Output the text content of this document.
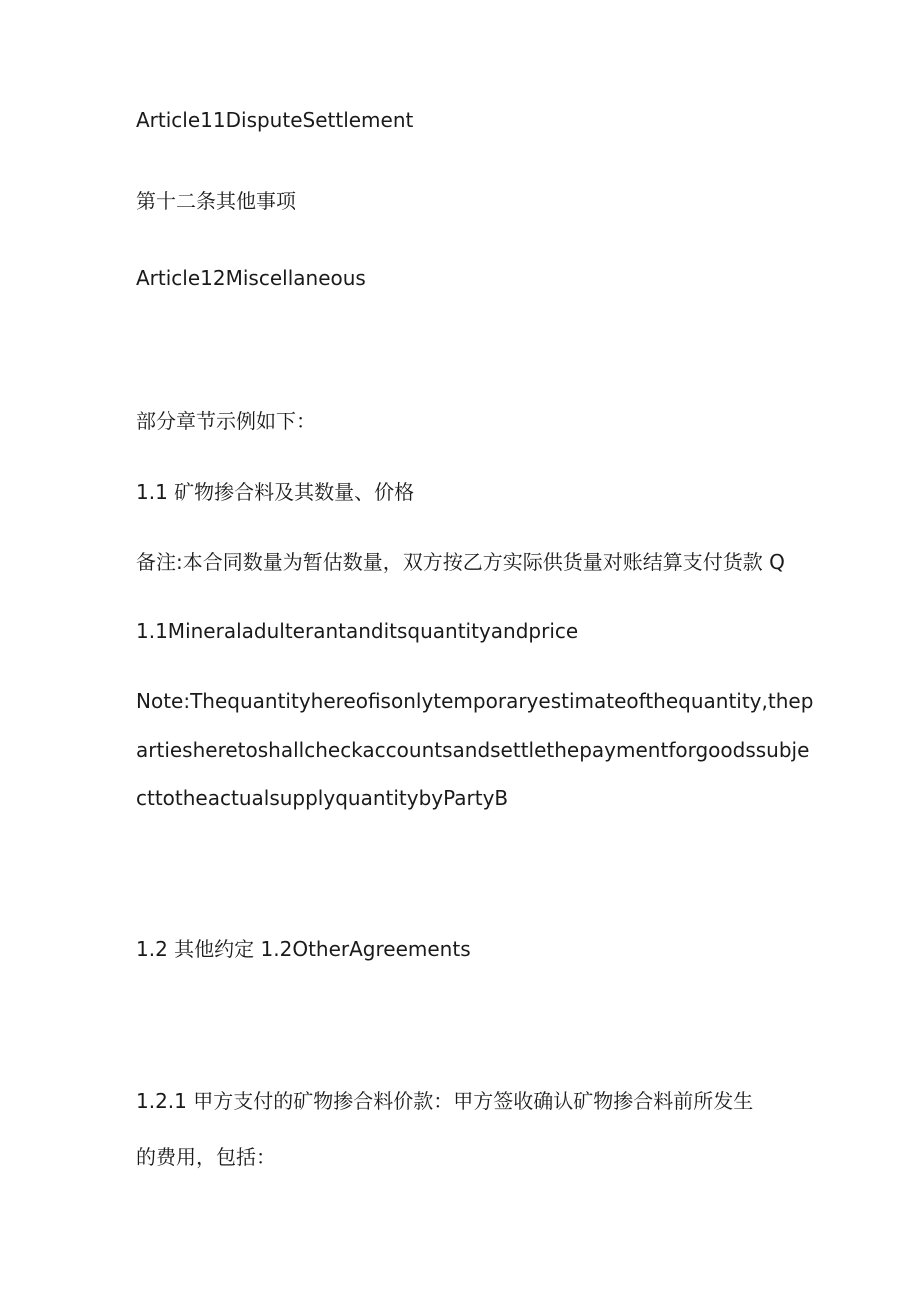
Article11DisputeSettlement
第十二条其他事项
Article12Miscellaneous
部分章节示例如下：
1.1 矿物掺合料及其数量、价格
备注:本合同数量为暂估数量，双方按乙方实际供货量对账结算支付货款 Q
1.1Mineraladulterantanditsquantityandprice
Note:Thequantityhereofisonlytemporaryestimateofthequantity,thep
artiesheretoshallcheckaccountsandsettlethepaymentforgoodssubje
cttotheactualsupplyquantitybyPartyB
1.2 其他约定 1.2OtherAgreements
1.2.1 甲方支付的矿物掺合料价款：甲方签收确认矿物掺合料前所发生
的费用，包括：
